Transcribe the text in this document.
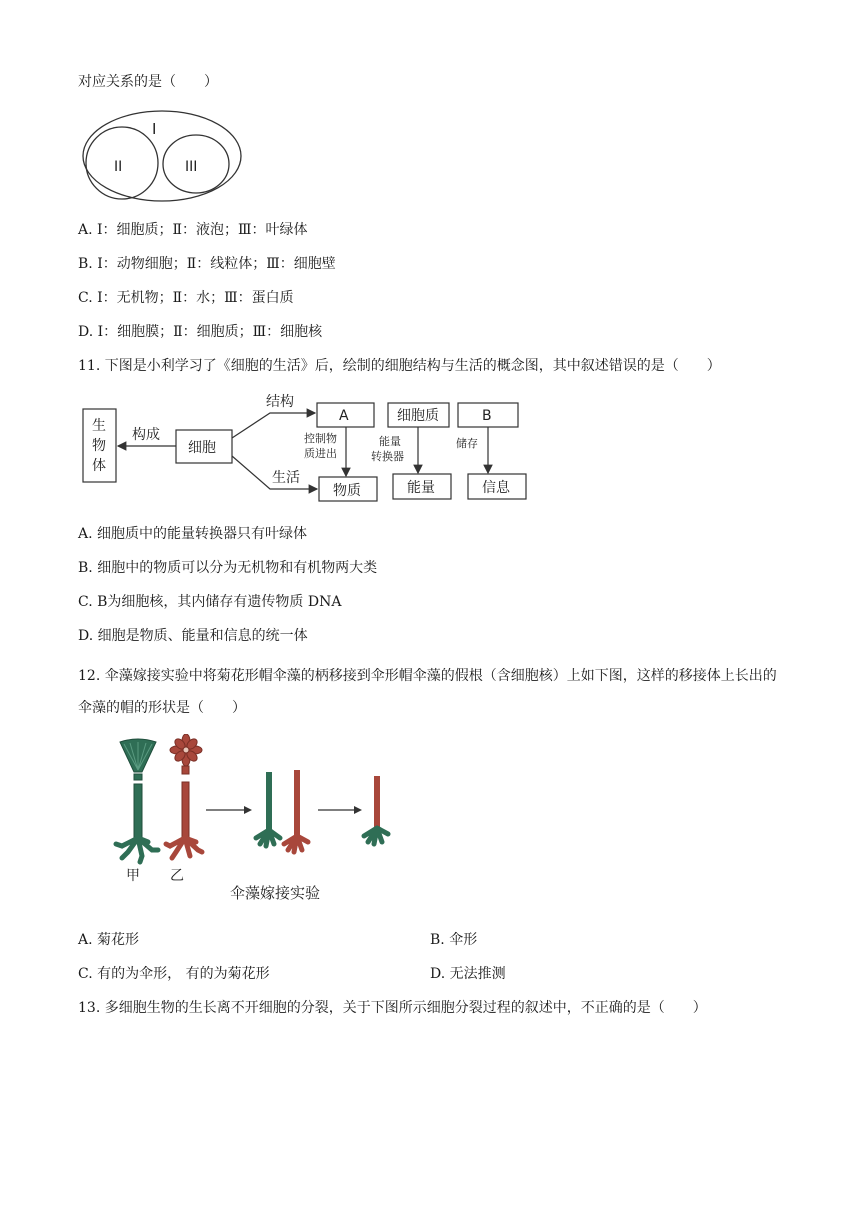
对应关系的是（　　）
I
II	III
A. I：细胞质；Ⅱ：液泡；Ⅲ：叶绿体
B. I：动物细胞；Ⅱ：线粒体；Ⅲ：细胞壁
C. I：无机物；Ⅱ：水；Ⅲ：蛋白质
D. I：细胞膜；Ⅱ：细胞质；Ⅲ：细胞核
11. 下图是小利学习了《细胞的生活》后，绘制的细胞结构与生活的概念图，其中叙述错误的是（　　）
生
物
体
细胞
构成
结构
生活
A	细胞质	B
控制物
质进出
能量
转换器
储存
物质	能量	信息
A. 细胞质中的能量转换器只有叶绿体
B. 细胞中的物质可以分为无机物和有机物两大类
C. B为细胞核，其内储存有遗传物质 DNA
D. 细胞是物质、能量和信息的统一体
12. 伞藻嫁接实验中将菊花形帽伞藻的柄移接到伞形帽伞藻的假根（含细胞核）上如下图，这样的移接体上长出的伞藻的帽的形状是（　　）
甲 乙
伞藻嫁接实验
A. 菊花形	B. 伞形
C. 有的为伞形， 有的为菊花形	D. 无法推测
13. 多细胞生物的生长离不开细胞的分裂，关于下图所示细胞分裂过程的叙述中，不正确的是（　　）
